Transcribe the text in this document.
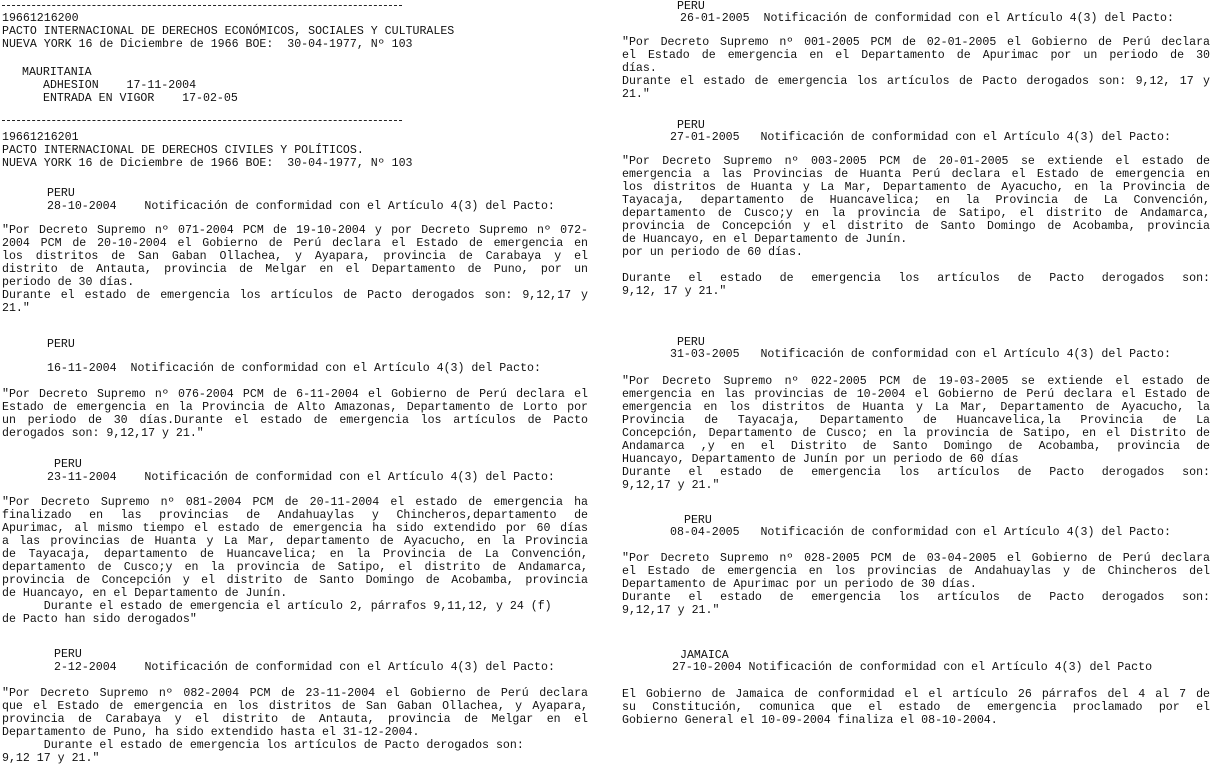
19661216200
PACTO INTERNACIONAL DE DERECHOS ECONÓMICOS, SOCIALES Y CULTURALES
NUEVA YORK 16 de Diciembre de 1966 BOE:  30-04-1977, Nº 103
MAURITANIA
ADHESION    17-11-2004
ENTRADA EN VIGOR    17-02-05
19661216201
PACTO INTERNACIONAL DE DERECHOS CIVILES Y POLÍTICOS.
NUEVA YORK 16 de Diciembre de 1966 BOE:  30-04-1977, Nº 103
PERU
28-10-2004    Notificación de conformidad con el Artículo 4(3) del Pacto:
"Por Decreto Supremo nº 071-2004 PCM de 19-10-2004 y por Decreto Supremo nº 072-
2004 PCM de 20-10-2004 el Gobierno de Perú declara el Estado de emergencia en
los distritos de San Gaban Ollachea, y Ayapara, provincia de Carabaya y el
distrito de Antauta, provincia de Melgar en el Departamento de Puno, por un
periodo de 30 días.
Durante el estado de emergencia los artículos de Pacto derogados son: 9,12,17 y
21."
PERU
16-11-2004  Notificación de conformidad con el Artículo 4(3) del Pacto:
"Por Decreto Supremo nº 076-2004 PCM de 6-11-2004 el Gobierno de Perú declara el
Estado de emergencia en la Provincia de Alto Amazonas, Departamento de Lorto por
un periodo de 30 días.Durante el estado de emergencia los artículos de Pacto
derogados son: 9,12,17 y 21."
PERU
23-11-2004    Notificación de conformidad con el Artículo 4(3) del Pacto:
"Por Decreto Supremo nº 081-2004 PCM de 20-11-2004 el estado de emergencia ha
finalizado en las provincias de Andahuaylas y Chincheros,departamento de
Apurimac, al mismo tiempo el estado de emergencia ha sido extendido por 60 días
a las provincias de Huanta y La Mar, departamento de Ayacucho, en la Provincia
de Tayacaja, departamento de Huancavelica; en la Provincia de La Convención,
departamento de Cusco;y en la provincia de Satipo, el distrito de Andamarca,
provincia de Concepción y el distrito de Santo Domingo de Acobamba, provincia
de Huancayo, en el Departamento de Junín.
Durante el estado de emergencia el artículo 2, párrafos 9,11,12, y 24 (f)
de Pacto han sido derogados"
PERU
2-12-2004    Notificación de conformidad con el Artículo 4(3) del Pacto:
"Por Decreto Supremo nº 082-2004 PCM de 23-11-2004 el Gobierno de Perú declara
que el Estado de emergencia en los distritos de San Gaban Ollachea, y Ayapara,
provincia de Carabaya y el distrito de Antauta, provincia de Melgar en el
Departamento de Puno, ha sido extendido hasta el 31-12-2004.
Durante el estado de emergencia los artículos de Pacto derogados son:
9,12 17 y 21."
PERU
26-01-2005  Notificación de conformidad con el Artículo 4(3) del Pacto:
"Por Decreto Supremo nº 001-2005 PCM de 02-01-2005 el Gobierno de Perú declara
el Estado de emergencia en el Departamento de Apurimac por un periodo de 30
días.
Durante el estado de emergencia los artículos de Pacto derogados son: 9,12, 17 y
21."
PERU
27-01-2005   Notificación de conformidad con el Artículo 4(3) del Pacto:
"Por Decreto Supremo nº 003-2005 PCM de 20-01-2005 se extiende el estado de
emergencia a las Provincias de Huanta Perú declara el Estado de emergencia en
los distritos de Huanta y La Mar, Departamento de Ayacucho, en la Provincia de
Tayacaja, departamento de Huancavelica; en la Provincia de La Convención,
departamento de Cusco;y en la provincia de Satipo, el distrito de Andamarca,
provincia de Concepción y el distrito de Santo Domingo de Acobamba, provincia
de Huancayo, en el Departamento de Junín.
por un periodo de 60 días.
Durante el estado de emergencia los artículos de Pacto derogados son:
9,12, 17 y 21."
PERU
31-03-2005   Notificación de conformidad con el Artículo 4(3) del Pacto:
"Por Decreto Supremo nº 022-2005 PCM de 19-03-2005 se extiende el estado de
emergencia en las provincias de 10-2004 el Gobierno de Perú declara el Estado de
emergencia en los distritos de Huanta y La Mar, Departamento de Ayacucho, la
Provincia de Tayacaja, Departamento de Huancavelica,la Provincia de La
Concepción, Departamento de Cusco; en la provincia de Satipo, en el Distrito de
Andamarca ,y en el Distrito de Santo Domingo de Acobamba, provincia de
Huancayo, Departamento de Junín por un periodo de 60 días
Durante el estado de emergencia los artículos de Pacto derogados son:
9,12,17 y 21."
PERU
08-04-2005   Notificación de conformidad con el Artículo 4(3) del Pacto:
"Por Decreto Supremo nº 028-2005 PCM de 03-04-2005 el Gobierno de Perú declara
el Estado de emergencia en los provincias de Andahuaylas y de Chincheros del
Departamento de Apurimac por un periodo de 30 días.
Durante el estado de emergencia los artículos de Pacto derogados son:
9,12,17 y 21."
JAMAICA
27-10-2004 Notificación de conformidad con el Artículo 4(3) del Pacto
El Gobierno de Jamaica de conformidad el el artículo 26 párrafos del 4 al 7 de
su Constitución, comunica que el estado de emergencia proclamado por el
Gobierno General el 10-09-2004 finaliza el 08-10-2004.
